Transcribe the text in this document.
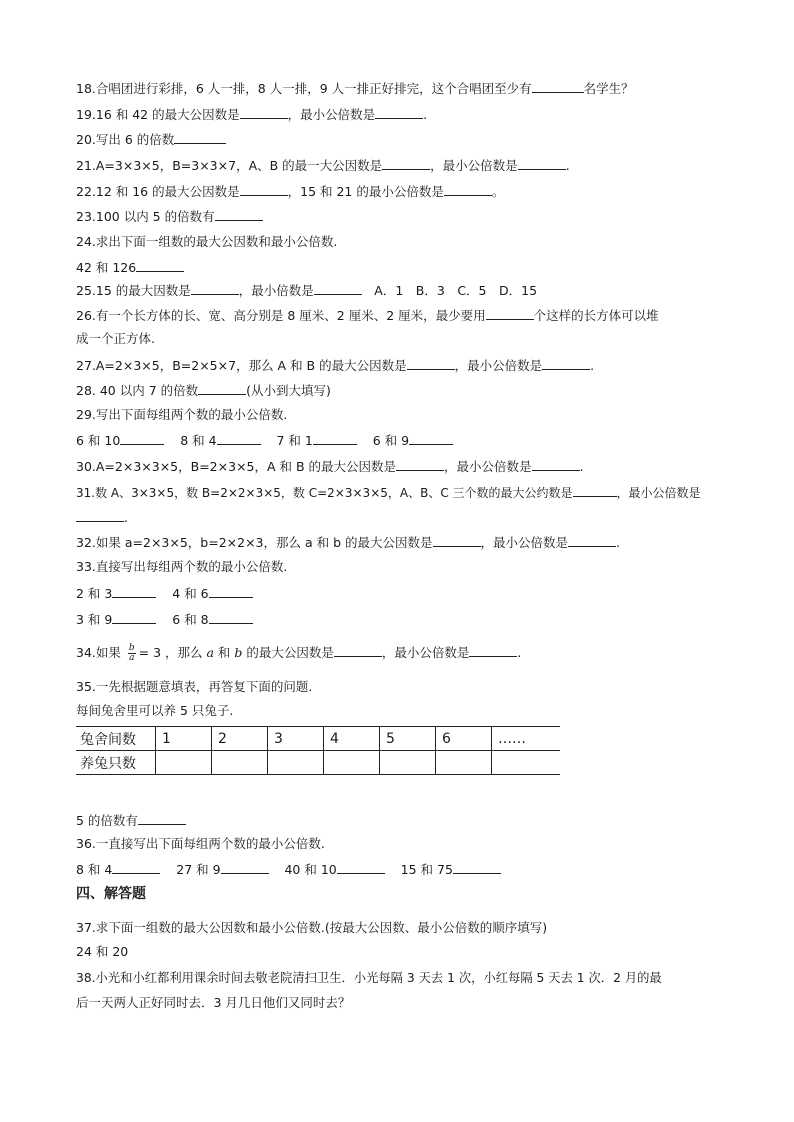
18.合唱团进行彩排，6 人一排，8 人一排，9 人一排正好排完，这个合唱团至少有	名学生？
19.16 和 42 的最大公因数是	，最小公倍数是	.
20.写出 6 的倍数
21.A=3×3×5，B=3×3×7，A、B 的最一大公因数是	，最小公倍数是	.
22.12 和 16 的最大公因数是	，15 和 21 的最小公倍数是	。
23.100 以内 5 的倍数有
24.求出下面一组数的最大公因数和最小公倍数.
42 和 126
25.15 的最大因数是	，最小倍数是	　A．1　B．3　C．5　D．15
26.有一个长方体的长、宽、高分别是 8 厘米、2 厘米、2 厘米，最少要用	个这样的长方体可以堆
成一个正方体.
27.A=2×3×5，B=2×5×7，那么 A 和 B 的最大公因数是	，最小公倍数是	.
28. 40 以内 7 的倍数	(从小到大填写)
29.写出下面每组两个数的最小公倍数.
6 和 10	8 和 4	7 和 1	6 和 9
30.A=2×3×3×5，B=2×3×5，A 和 B 的最大公因数是	，最小公倍数是	.
31.数 A、3×3×5，数 B=2×2×3×5，数 C=2×3×3×5，A、B、C 三个数的最大公约数是	，最小公倍数是
.
32.如果 a=2×3×5，b=2×2×3，那么 a 和 b 的最大公因数是	，最小公倍数是	.
33.直接写出每组两个数的最小公倍数.
2 和 3	4 和 6
3 和 9	6 和 8
34.如果 $\frac{b}{a} = 3$ ，那么 a 和 b 的最大公因数是	，最小公倍数是	.
35.一先根据题意填表，再答复下面的问题.
每间兔舍里可以养 5 只兔子.
兔舍间数	1	2	3	4	5	6	……
养兔只数							
5 的倍数有
36.一直接写出下面每组两个数的最小公倍数.
8 和 4	27 和 9	40 和 10	15 和 75
四、解答题
37.求下面一组数的最大公因数和最小公倍数.(按最大公因数、最小公倍数的顺序填写)
24 和 20
38.小光和小红都利用课余时间去敬老院清扫卫生．小光每隔 3 天去 1 次，小红每隔 5 天去 1 次．2 月的最
后一天两人正好同时去．3 月几日他们又同时去？
